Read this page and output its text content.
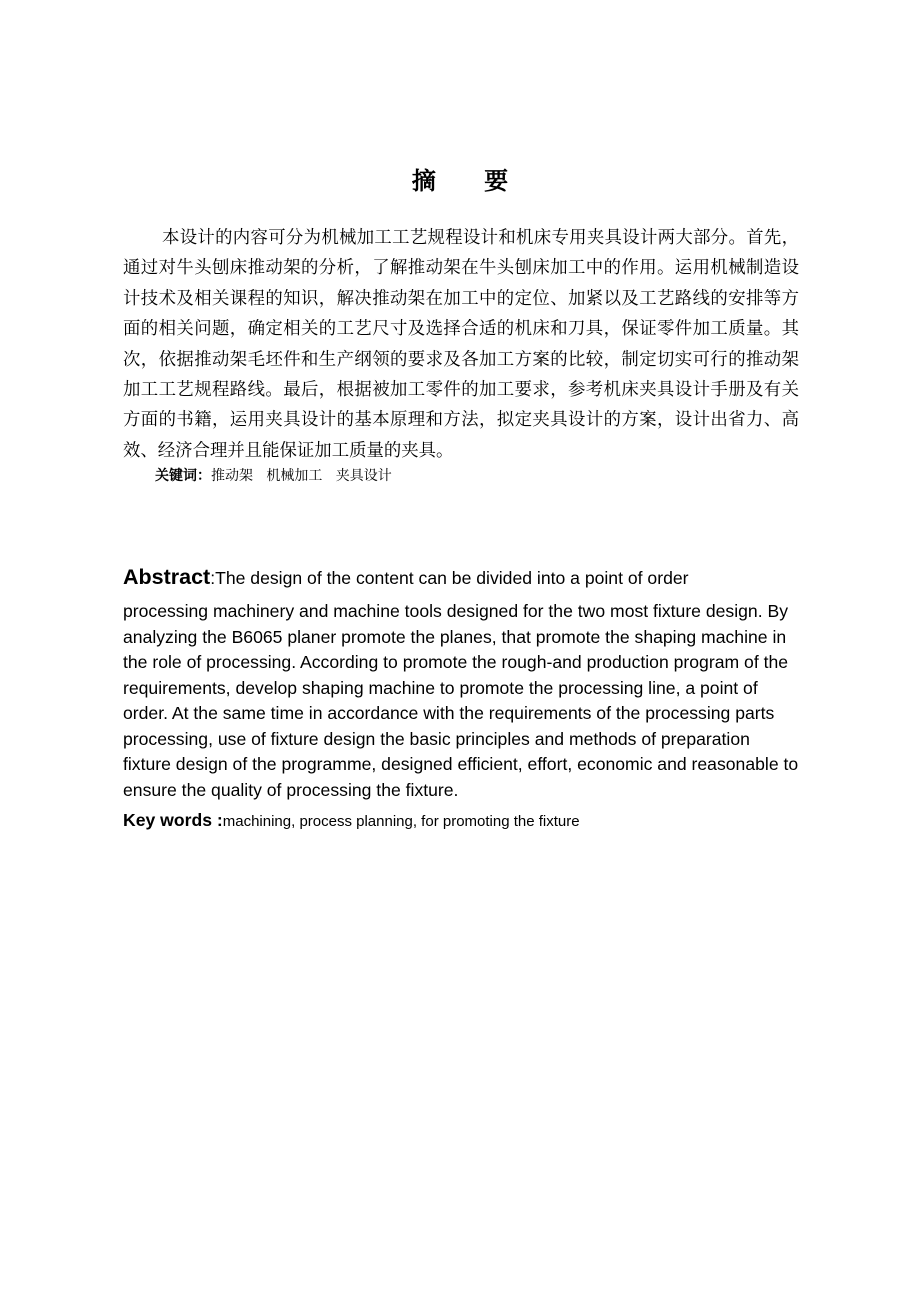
摘 要

本设计的内容可分为机械加工工艺规程设计和机床专用夹具设计两大部分。首先，通过对牛头刨床推动架的分析，了解推动架在牛头刨床加工中的作用。运用机械制造设计技术及相关课程的知识，解决推动架在加工中的定位、加紧以及工艺路线的安排等方面的相关问题，确定相关的工艺尺寸及选择合适的机床和刀具，保证零件加工质量。其次，依据推动架毛坯件和生产纲领的要求及各加工方案的比较，制定切实可行的推动架加工工艺规程路线。最后，根据被加工零件的加工要求，参考机床夹具设计手册及有关方面的书籍，运用夹具设计的基本原理和方法，拟定夹具设计的方案，设计出省力、高效、经济合理并且能保证加工质量的夹具。

关键词：推动架   机械加工   夹具设计

Abstract:The design of the content can be divided into a point of order
processing machinery and machine tools designed for the two most fixture design. By analyzing the B6065 planer promote the planes, that promote the shaping machine in the role of processing. According to promote the rough-and production program of the requirements, develop shaping machine to promote the processing line, a point of order. At the same time in accordance with the requirements of the processing parts processing, use of fixture design the basic principles and methods of preparation fixture design of the programme, designed efficient, effort, economic and reasonable to ensure the quality of processing the fixture.

Key words :machining, process planning, for promoting the fixture
